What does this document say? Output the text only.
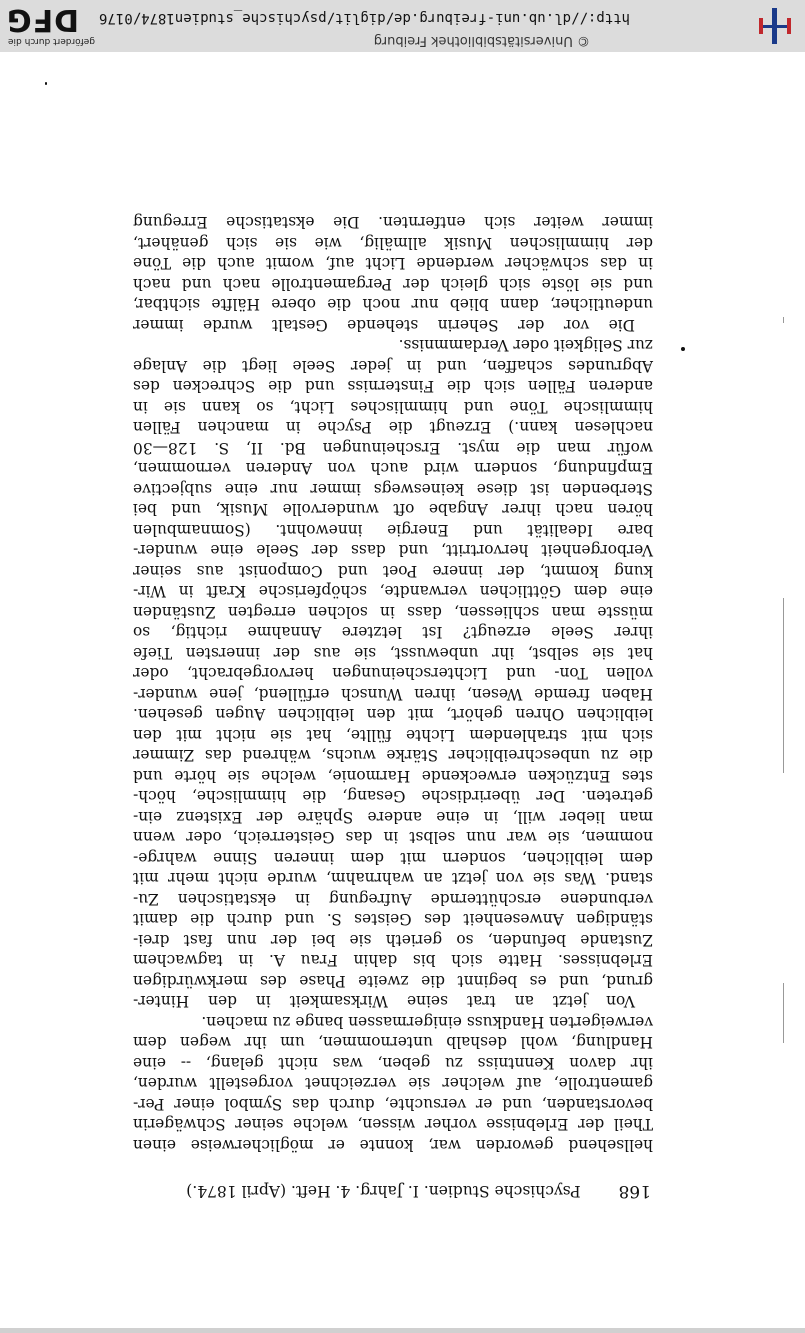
168  Psychische Studien. I. Jahrg. 4. Heft. (April 1874.)
hellsehend geworden war, konnte er möglicherweise einen
Theil der Erlebnisse vorher wissen, welche seiner Schwägerin
bevorstanden, und er versuchte, durch das Symbol einer Per-
gamentrolle, auf welcher sie verzeichnet vorgestellt wurden,
ihr davon Kenntniss zu geben, was nicht gelang, -- eine
Handlung, wohl deshalb unternommen, um ihr wegen dem
verweigerten Handkuss einigermassen bange zu machen.
Von jetzt an trat seine Wirksamkeit in den Hinter-
grund, und es beginnt die zweite Phase des merkwürdigen
Erlebnisses. Hatte sich bis dahin Frau A. in tagwachem
Zustande befunden, so gerieth sie bei der nun fast drei-
ständigen Anwesenheit des Geistes S. und durch die damit
verbundene erschütternde Aufregung in ekstatischen Zu-
stand. Was sie von jetzt an wahrnahm, wurde nicht mehr mit
dem leiblichen, sondern mit dem inneren Sinne wahrge-
nommen, sie war nun selbst in das Geisterreich, oder wenn
man lieber will, in eine andere Sphäre der Existenz ein-
getreten. Der überirdische Gesang, die himmlische, höch-
stes Entzücken erweckende Harmonie, welche sie hörte und
die zu unbeschreiblicher Stärke wuchs, während das Zimmer
sich mit strahlendem Lichte füllte, hat sie nicht mit den
leiblichen Ohren gehört, mit den leiblichen Augen gesehen.
Haben fremde Wesen, ihren Wunsch erfüllend, jene wunder-
vollen Ton- und Lichterscheinungen hervorgebracht, oder
hat sie selbst, ihr unbewusst, sie aus der innersten Tiefe
ihrer Seele erzeugt? Ist letztere Annahme richtig, so
müsste man schliessen, dass in solchen erregten Zuständen
eine dem Göttlichen verwandte, schöpferische Kraft in Wir-
kung kommt, der innere Poet und Componist aus seiner
Verborgenheit hervortritt, und dass der Seele eine wunder-
bare Idealität und Energie innewohnt. (Somnambulen
hören nach ihrer Angabe oft wundervolle Musik, und bei
Sterbenden ist diese keineswegs immer nur eine subjective
Empfindung, sondern wird auch von Anderen vernommen,
wofür man die myst. Erscheinungen Bd. II, S. 128—30
nachlesen kann.) Erzeugt die Psyche in manchen Fällen
himmlische Töne und himmlisches Licht, so kann sie in
anderen Fällen sich die Finsterniss und die Schrecken des
Abgrundes schaffen, und in jeder Seele liegt die Anlage
zur Seligkeit oder Verdammniss.
Die vor der Seherin stehende Gestalt wurde immer
undeutlicher, dann blieb nur noch die obere Hälfte sichtbar,
und sie löste sich gleich der Pergamentrolle nach und nach
in das schwächer werdende Licht auf, womit auch die Töne
der himmlischen Musik allmälig, wie sie sich genähert,
immer weiter sich entfernten. Die ekstatische Erregung
© Universitätsbibliothek Freiburg
http://dl.ub.uni-freiburg.de/diglit/psychische_studien1874/0176
gefördert durch die
DFG
